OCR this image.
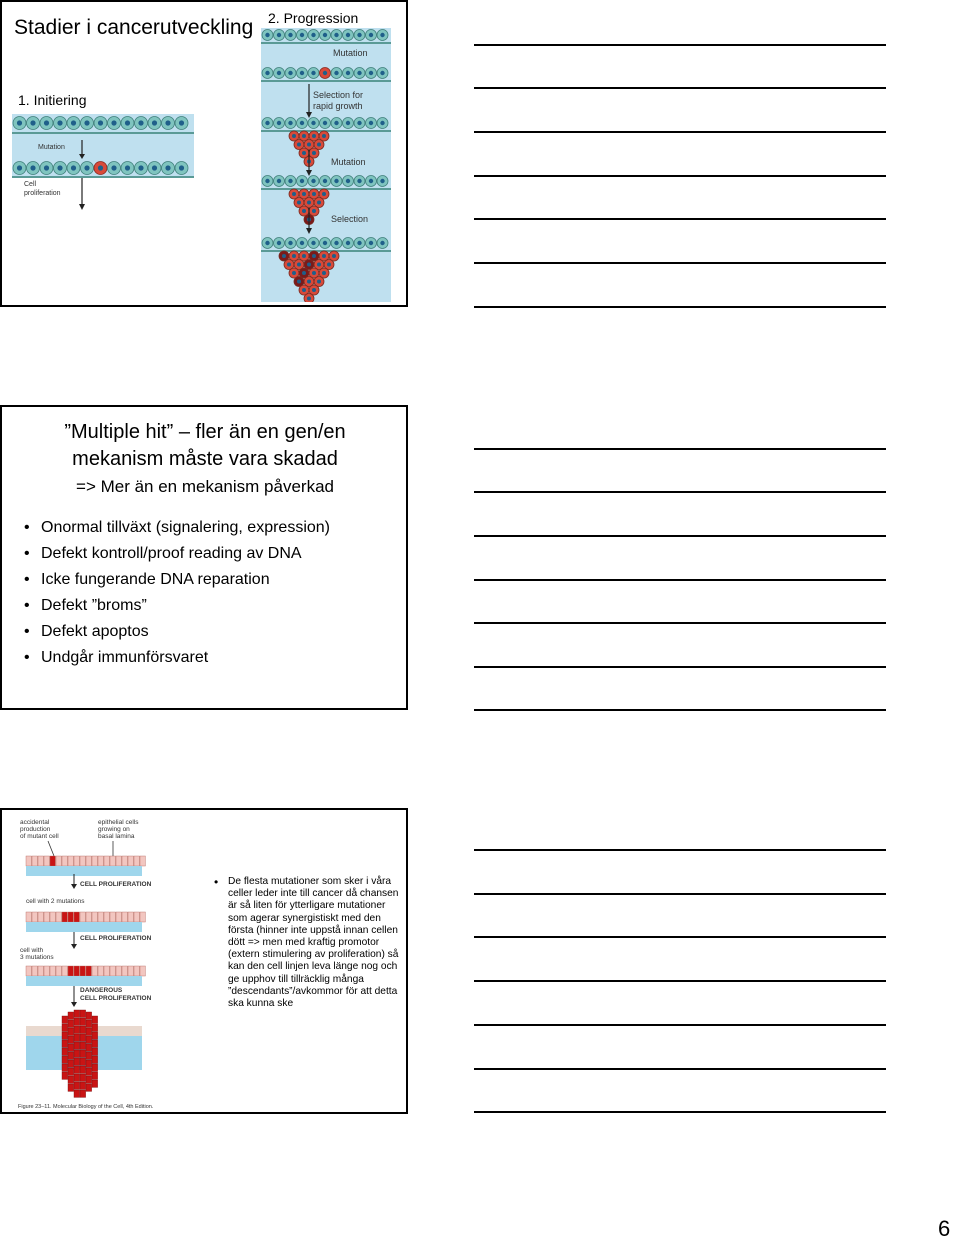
Stadier i cancerutveckling 2. Progression
1. Initiering
Mutation
Cell
proliferation
Mutation
Selection for
rapid growth
Mutation
Selection
”Multiple hit” – fler än en gen/en
mekanism måste vara skadad
=> Mer än en mekanism påverkad
• Onormal tillväxt (signalering, expression)
• Defekt kontroll/proof reading av DNA
• Icke fungerande DNA reparation
• Defekt ”broms”
• Defekt apoptos
• Undgår immunförsvaret
accidental
production
of mutant cell
epithelial cells
growing on
basal lamina
CELL PROLIFERATION
cell with 2 mutations
CELL PROLIFERATION
cell with
3 mutations
DANGEROUS
CELL PROLIFERATION
Figure 23–11. Molecular Biology of the Cell, 4th Edition.
• De flesta mutationer som sker i våra celler leder inte till cancer då chansen är så liten för ytterligare mutationer som agerar synergistiskt med den första (hinner inte uppstå innan cellen dött => men med kraftig promotor (extern stimulering av proliferation) så kan den cell linjen leva länge nog och ge upphov till tillräcklig många ”descendants”/avkommor för att detta ska kunna ske
6
